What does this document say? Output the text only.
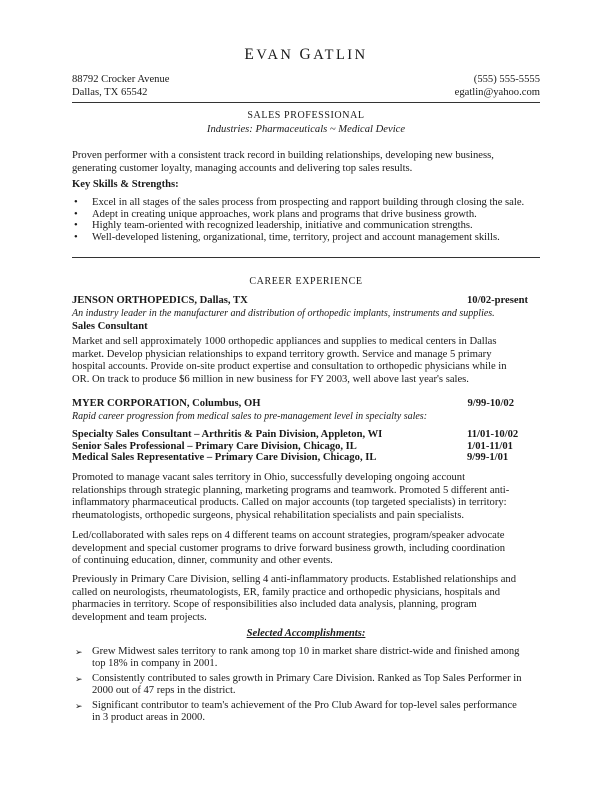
EVAN GATLIN
88792 Crocker Avenue
Dallas, TX 65542
(555) 555-5555
egatlin@yahoo.com
SALES PROFESSIONAL
Industries: Pharmaceuticals ~ Medical Device
Proven performer with a consistent track record in building relationships, developing new business,
generating customer loyalty, managing accounts and delivering top sales results.
Key Skills & Strengths:
• Excel in all stages of the sales process from prospecting and rapport building through closing the sale.
• Adept in creating unique approaches, work plans and programs that drive business growth.
• Highly team-oriented with recognized leadership, initiative and communication strengths.
• Well-developed listening, organizational, time, territory, project and account management skills.
CAREER EXPERIENCE
JENSON ORTHOPEDICS, Dallas, TX	10/02-present
An industry leader in the manufacturer and distribution of orthopedic implants, instruments and supplies.
Sales Consultant
Market and sell approximately 1000 orthopedic appliances and supplies to medical centers in Dallas
market. Develop physician relationships to expand territory growth. Service and manage 5 primary
hospital accounts. Provide on-site product expertise and consultation to orthopedic physicians while in
OR. On track to produce $6 million in new business for FY 2003, well above last year's sales.
MYER CORPORATION, Columbus, OH	9/99-10/02
Rapid career progression from medical sales to pre-management level in specialty sales:
Specialty Sales Consultant – Arthritis & Pain Division, Appleton, WI	11/01-10/02
Senior Sales Professional – Primary Care Division, Chicago, IL	1/01-11/01
Medical Sales Representative – Primary Care Division, Chicago, IL	9/99-1/01
Promoted to manage vacant sales territory in Ohio, successfully developing ongoing account
relationships through strategic planning, marketing programs and teamwork. Promoted 5 different anti-
inflammatory pharmaceutical products. Called on major accounts (top targeted specialists) in territory:
rheumatologists, orthopedic surgeons, physical rehabilitation specialists and pain specialists.
Led/collaborated with sales reps on 4 different teams on account strategies, program/speaker advocate
development and special customer programs to drive forward business growth, including coordination
of continuing education, dinner, community and other events.
Previously in Primary Care Division, selling 4 anti-inflammatory products. Established relationships and
called on neurologists, rheumatologists, ER, family practice and orthopedic physicians, hospitals and
pharmacies in territory. Scope of responsibilities also included data analysis, planning, program
development and team projects.
Selected Accomplishments:
➢ Grew Midwest sales territory to rank among top 10 in market share district-wide and finished among
top 18% in company in 2001.
➢ Consistently contributed to sales growth in Primary Care Division. Ranked as Top Sales Performer in
2000 out of 47 reps in the district.
➢ Significant contributor to team's achievement of the Pro Club Award for top-level sales performance
in 3 product areas in 2000.
